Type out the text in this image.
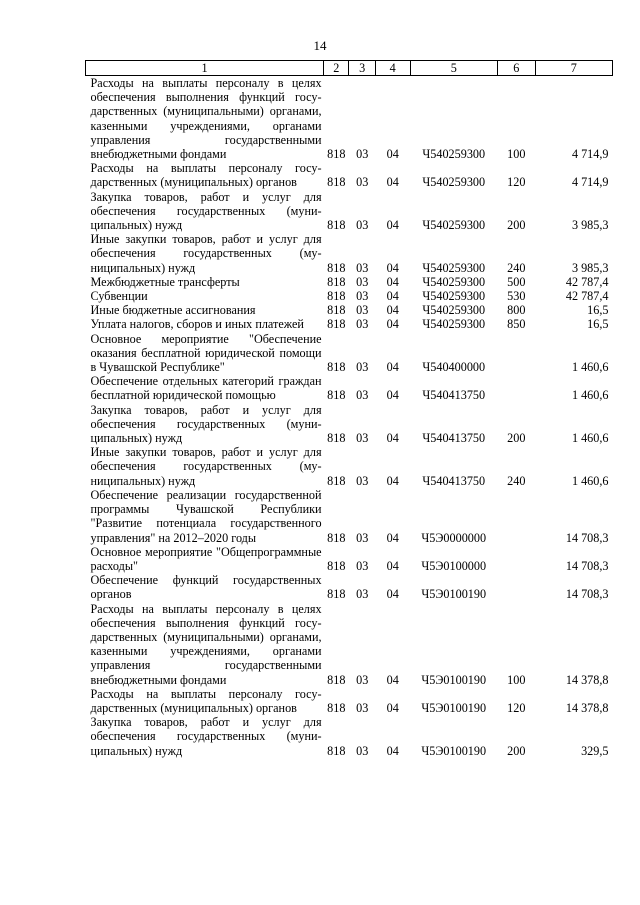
14
1	2	3	4	5	6	7
Расходы на выплаты персоналу в целях обеспечения выполнения функций государственных (муниципальными) органами, казенными учреждениями, органами управления государственными внебюджетными фондами	818	03	04	Ч540259300	100	4 714,9
Расходы на выплаты персоналу государственных (муниципальных) органов	818	03	04	Ч540259300	120	4 714,9
Закупка товаров, работ и услуг для обеспечения государственных (муниципальных) нужд	818	03	04	Ч540259300	200	3 985,3
Иные закупки товаров, работ и услуг для обеспечения государственных (муниципальных) нужд	818	03	04	Ч540259300	240	3 985,3
Межбюджетные трансферты	818	03	04	Ч540259300	500	42 787,4
Субвенции	818	03	04	Ч540259300	530	42 787,4
Иные бюджетные ассигнования	818	03	04	Ч540259300	800	16,5
Уплата налогов, сборов и иных платежей	818	03	04	Ч540259300	850	16,5
Основное мероприятие "Обеспечение оказания бесплатной юридической помощи в Чувашской Республике"	818	03	04	Ч540400000		1 460,6
Обеспечение отдельных категорий граждан бесплатной юридической помощью	818	03	04	Ч540413750		1 460,6
Закупка товаров, работ и услуг для обеспечения государственных (муниципальных) нужд	818	03	04	Ч540413750	200	1 460,6
Иные закупки товаров, работ и услуг для обеспечения государственных (муниципальных) нужд	818	03	04	Ч540413750	240	1 460,6
Обеспечение реализации государственной программы Чувашской Республики "Развитие потенциала государственного управления" на 2012–2020 годы	818	03	04	Ч5Э0000000		14 708,3
Основное мероприятие "Общепрограммные расходы"	818	03	04	Ч5Э0100000		14 708,3
Обеспечение функций государственных органов	818	03	04	Ч5Э0100190		14 708,3
Расходы на выплаты персоналу в целях обеспечения выполнения функций государственных (муниципальными) органами, казенными учреждениями, органами управления государственными внебюджетными фондами	818	03	04	Ч5Э0100190	100	14 378,8
Расходы на выплаты персоналу государственных (муниципальных) органов	818	03	04	Ч5Э0100190	120	14 378,8
Закупка товаров, работ и услуг для обеспечения государственных (муниципальных) нужд	818	03	04	Ч5Э0100190	200	329,5
